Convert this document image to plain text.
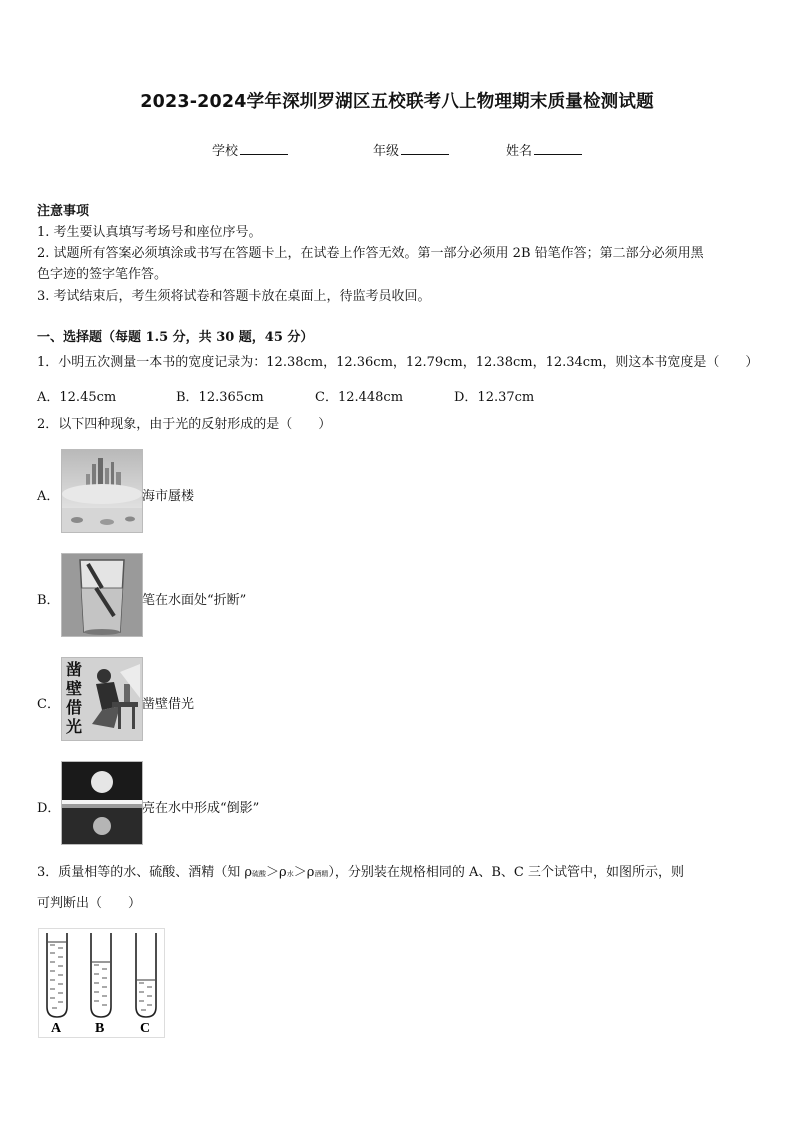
2023-2024学年深圳罗湖区五校联考八上物理期末质量检测试题
学校	年级	姓名
注意事项
1. 考生要认真填写考场号和座位序号。
2. 试题所有答案必须填涂或书写在答题卡上，在试卷上作答无效。第一部分必须用 2B 铅笔作答；第二部分必须用黑
色字迹的签字笔作答。
3. 考试结束后，考生须将试卷和答题卡放在桌面上，待监考员收回。
一、选择题（每题 1.5 分，共 30 题，45 分）
1．小明五次测量一本书的宽度记录为：12.38cm，12.36cm，12.79cm，12.38cm，12.34cm，则这本书宽度是（　　）
A．12.45cm	B．12.365cm	C．12.448cm	D．12.37cm
2．以下四种现象，由于光的反射形成的是（　　）
A．	海市蜃楼
B．	笔在水面处“折断”
C．
凿
壁
借
光
凿壁借光
D．	亮在水中形成“倒影”
3．质量相等的水、硫酸、酒精（知 ρ硫酸＞ρ水＞ρ酒精），分别装在规格相同的 A、B、C 三个试管中，如图所示，则
可判断出（　　）
A B	C
